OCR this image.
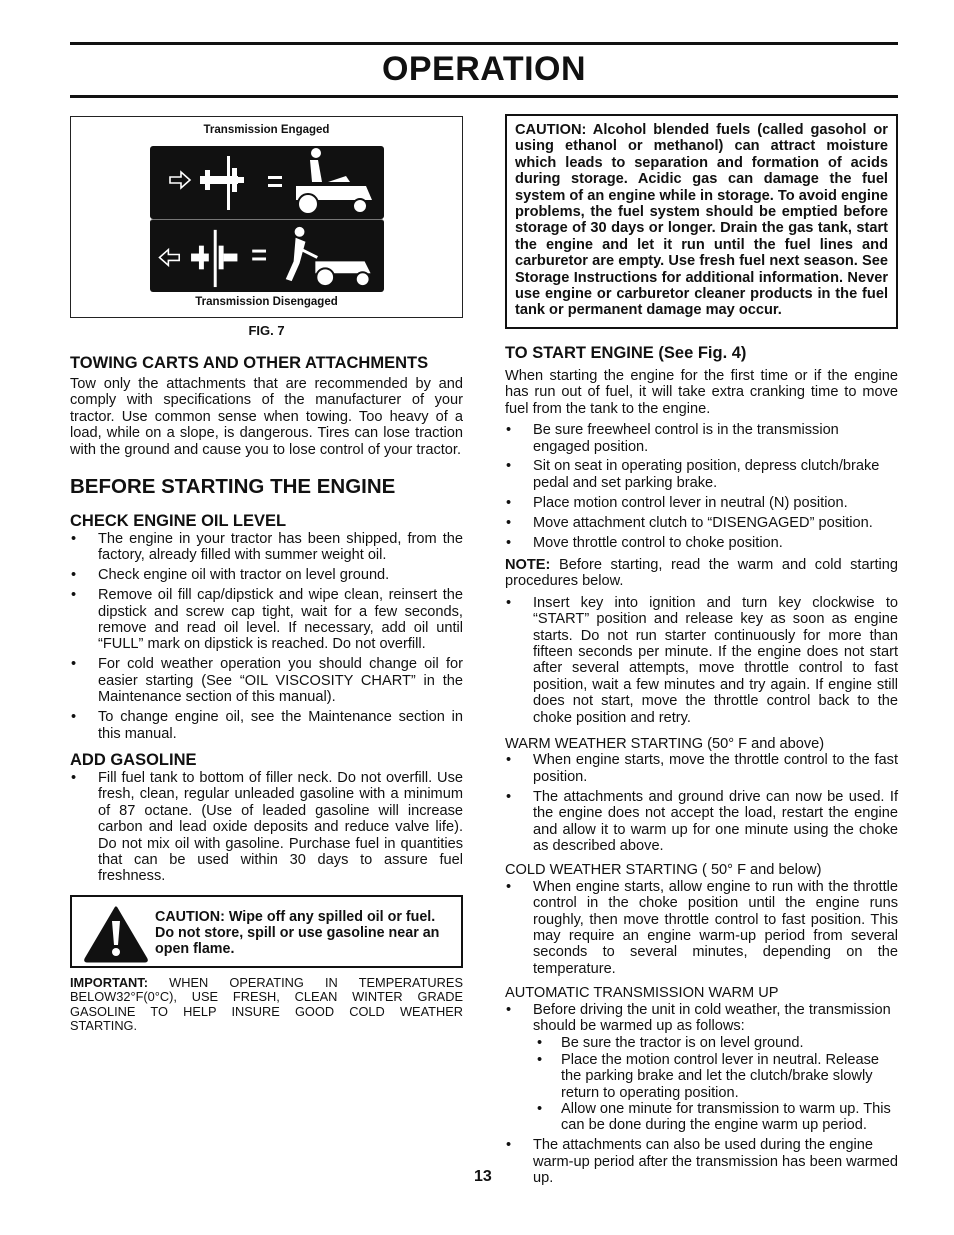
OPERATION
Transmission Engaged
Transmission Disengaged
FIG. 7
TOWING CARTS AND OTHER ATTACHMENTS

Tow only the attachments that are recommended by and comply with specifications of the manufacturer of your tractor. Use common sense when towing. Too heavy of a load, while on a slope, is dangerous. Tires can lose traction with the ground and cause you to lose control of your tractor.

BEFORE STARTING THE ENGINE
CHECK ENGINE OIL LEVEL
• The engine in your tractor has been shipped, from the factory, already filled with summer weight oil.
• Check engine oil with tractor on level ground.
• Remove oil fill cap/dipstick and wipe clean, reinsert the dipstick and screw cap tight, wait for a few seconds, remove and read oil level. If necessary, add oil until “FULL” mark on dipstick is reached. Do not overfill.
• For cold weather operation you should change oil for easier starting (See “OIL VISCOSITY CHART” in the Maintenance section of this manual).
• To change engine oil, see the Maintenance section in this manual.
ADD GASOLINE
• Fill fuel tank to bottom of filler neck. Do not overfill. Use fresh, clean, regular unleaded gasoline with a minimum of 87 octane. (Use of leaded gasoline will increase carbon and lead oxide deposits and reduce valve life). Do not mix oil with gasoline. Purchase fuel in quantities that can be used within 30 days to assure fuel freshness.

CAUTION: Wipe off any spilled oil or fuel. Do not store, spill or use gasoline near an open flame.

IMPORTANT: WHEN OPERATING IN TEMPERATURES BELOW32°F(0°C), USE FRESH, CLEAN WINTER GRADE GASOLINE TO HELP INSURE GOOD COLD WEATHER STARTING.

CAUTION: Alcohol blended fuels (called gasohol or using ethanol or methanol) can attract moisture which leads to separation and formation of acids during storage. Acidic gas can damage the fuel system of an engine while in storage. To avoid engine problems, the fuel system should be emptied before storage of 30 days or longer. Drain the gas tank, start the engine and let it run until the fuel lines and carburetor are empty. Use fresh fuel next season. See Storage Instructions for additional information. Never use engine or carburetor cleaner products in the fuel tank or permanent damage may occur.

TO START ENGINE (See Fig. 4)

When starting the engine for the first time or if the engine has run out of fuel, it will take extra cranking time to move fuel from the tank to the engine.

• Be sure freewheel control is in the transmission engaged position.
• Sit on seat in operating position, depress clutch/brake pedal and set parking brake.
• Place motion control lever in neutral (N) position.
• Move attachment clutch to “DISENGAGED” position.
• Move throttle control to choke position.

NOTE: Before starting, read the warm and cold starting procedures below.

• Insert key into ignition and turn key clockwise to “START” position and release key as soon as engine starts. Do not run starter continuously for more than fifteen seconds per minute. If the engine does not start after several attempts, move throttle control to fast position, wait a few minutes and try again. If engine still does not start, move the throttle control back to the choke position and retry.

WARM WEATHER STARTING (50° F and above)

• When engine starts, move the throttle control to the fast position.
• The attachments and ground drive can now be used. If the engine does not accept the load, restart the engine and allow it to warm up for one minute using the choke as described above.

COLD WEATHER STARTING ( 50° F and below)

• When engine starts, allow engine to run with the throttle control in the choke position until the engine runs roughly, then move throttle control to fast position. This may require an engine warm-up period from several seconds to several minutes, depending on the temperature.

AUTOMATIC TRANSMISSION WARM UP

• Before driving the unit in cold weather, the transmission should be warmed up as follows:
• Be sure the tractor is on level ground.
• Place the motion control lever in neutral. Release the parking brake and let the clutch/brake slowly return to operating position.
• Allow one minute for transmission to warm up. This can be done during the engine warm up period.
• The attachments can also be used during the engine warm-up period after the transmission has been warmed up.
13
